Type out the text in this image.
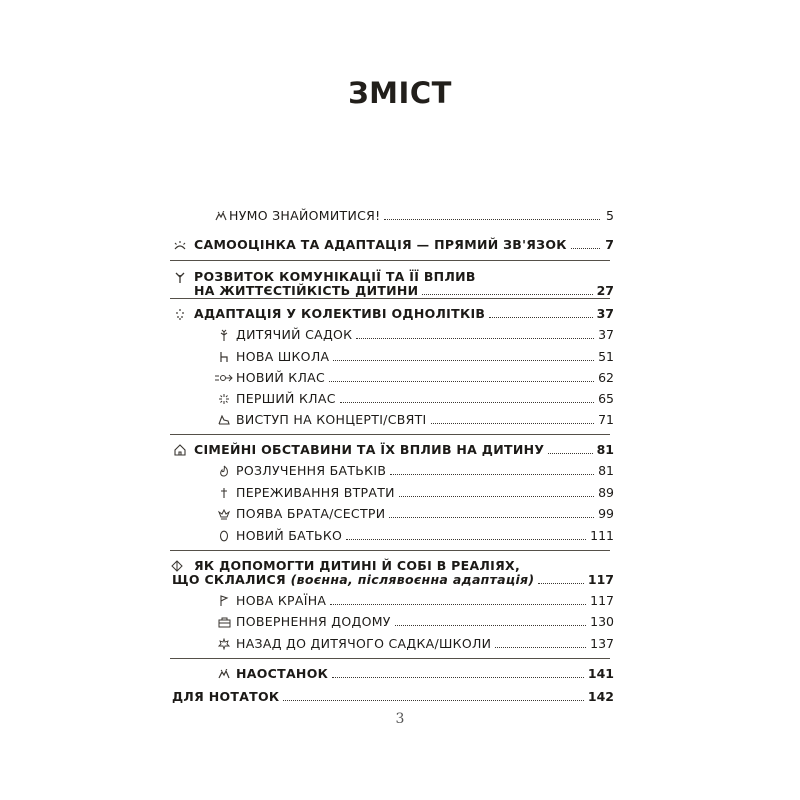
ЗМІСТ
НУМО ЗНАЙОМИТИСЯ!	5
САМООЦІНКА ТА АДАПТАЦІЯ — ПРЯМИЙ ЗВ'ЯЗОК	7
РОЗВИТОК КОМУНІКАЦІЇ ТА ЇЇ ВПЛИВ
НА ЖИТТЄСТІЙКІСТЬ ДИТИНИ	27
АДАПТАЦІЯ У КОЛЕКТИВІ ОДНОЛІТКІВ	37
ДИТЯЧИЙ САДОК	37
НОВА ШКОЛА	51
НОВИЙ КЛАС	62
ПЕРШИЙ КЛАС	65
ВИСТУП НА КОНЦЕРТІ/СВЯТІ	71
СІМЕЙНІ ОБСТАВИНИ ТА ЇХ ВПЛИВ НА ДИТИНУ	81
РОЗЛУЧЕННЯ БАТЬКІВ	81
ПЕРЕЖИВАННЯ ВТРАТИ	89
ПОЯВА БРАТА/СЕСТРИ	99
НОВИЙ БАТЬКО	111
ЯК ДОПОМОГТИ ДИТИНІ Й СОБІ В РЕАЛІЯХ,
ЩО СКЛАЛИСЯ (воєнна, післявоєнна адаптація)	117
НОВА КРАЇНА	117
ПОВЕРНЕННЯ ДОДОМУ	130
НАЗАД ДО ДИТЯЧОГО САДКА/ШКОЛИ	137
НАОСТАНОК	141
ДЛЯ НОТАТОК	142
3
